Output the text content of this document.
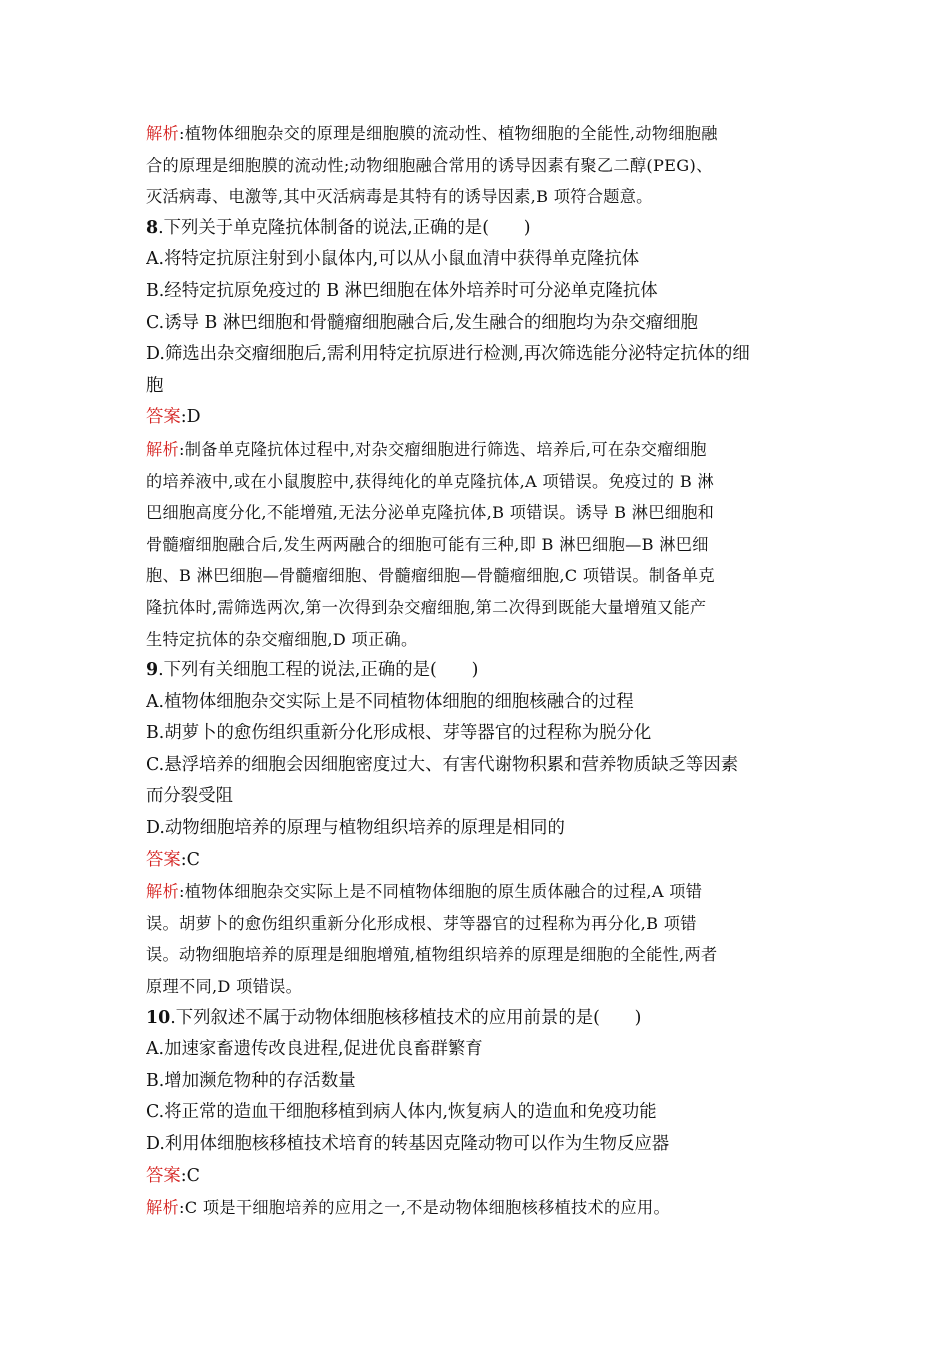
解析:植物体细胞杂交的原理是细胞膜的流动性、植物细胞的全能性,动物细胞融

合的原理是细胞膜的流动性;动物细胞融合常用的诱导因素有聚乙二醇(PEG)、

灭活病毒、电激等,其中灭活病毒是其特有的诱导因素,B 项符合题意。

8.下列关于单克隆抗体制备的说法,正确的是(　　)

A.将特定抗原注射到小鼠体内,可以从小鼠血清中获得单克隆抗体

B.经特定抗原免疫过的 B 淋巴细胞在体外培养时可分泌单克隆抗体

C.诱导 B 淋巴细胞和骨髓瘤细胞融合后,发生融合的细胞均为杂交瘤细胞

D.筛选出杂交瘤细胞后,需利用特定抗原进行检测,再次筛选能分泌特定抗体的细

胞

答案:D

解析:制备单克隆抗体过程中,对杂交瘤细胞进行筛选、培养后,可在杂交瘤细胞

的培养液中,或在小鼠腹腔中,获得纯化的单克隆抗体,A 项错误。免疫过的 B 淋

巴细胞高度分化,不能增殖,无法分泌单克隆抗体,B 项错误。诱导 B 淋巴细胞和

骨髓瘤细胞融合后,发生两两融合的细胞可能有三种,即 B 淋巴细胞—B 淋巴细

胞、B 淋巴细胞—骨髓瘤细胞、骨髓瘤细胞—骨髓瘤细胞,C 项错误。制备单克

隆抗体时,需筛选两次,第一次得到杂交瘤细胞,第二次得到既能大量增殖又能产

生特定抗体的杂交瘤细胞,D 项正确。

9.下列有关细胞工程的说法,正确的是(　　)

A.植物体细胞杂交实际上是不同植物体细胞的细胞核融合的过程

B.胡萝卜的愈伤组织重新分化形成根、芽等器官的过程称为脱分化

C.悬浮培养的细胞会因细胞密度过大、有害代谢物积累和营养物质缺乏等因素

而分裂受阻

D.动物细胞培养的原理与植物组织培养的原理是相同的

答案:C

解析:植物体细胞杂交实际上是不同植物体细胞的原生质体融合的过程,A 项错

误。胡萝卜的愈伤组织重新分化形成根、芽等器官的过程称为再分化,B 项错

误。动物细胞培养的原理是细胞增殖,植物组织培养的原理是细胞的全能性,两者

原理不同,D 项错误。

10.下列叙述不属于动物体细胞核移植技术的应用前景的是(　　)

A.加速家畜遗传改良进程,促进优良畜群繁育

B.增加濒危物种的存活数量

C.将正常的造血干细胞移植到病人体内,恢复病人的造血和免疫功能

D.利用体细胞核移植技术培育的转基因克隆动物可以作为生物反应器

答案:C

解析:C 项是干细胞培养的应用之一,不是动物体细胞核移植技术的应用。
